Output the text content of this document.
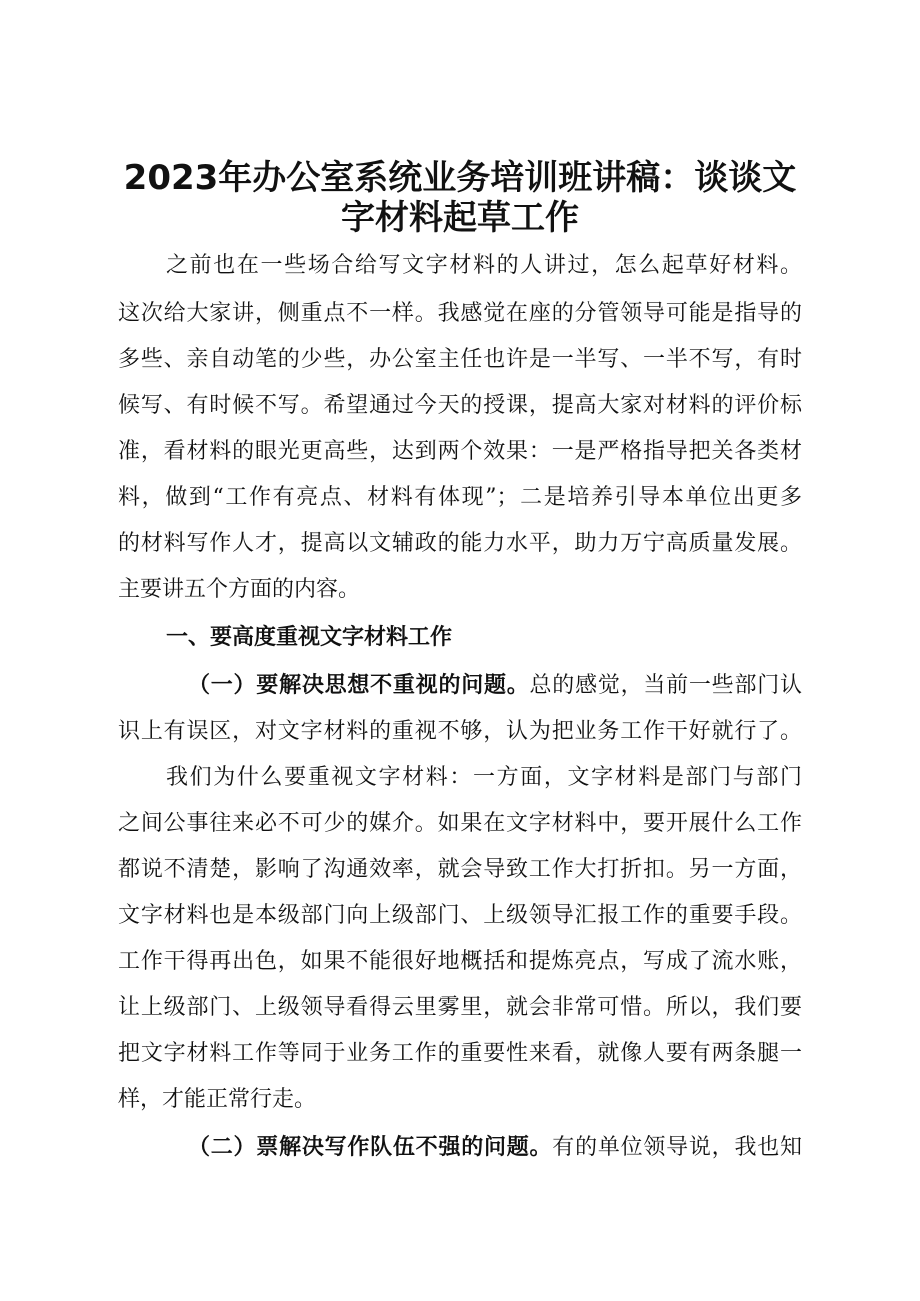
2023年办公室系统业务培训班讲稿：谈谈文
字材料起草工作
之前也在一些场合给写文字材料的人讲过，怎么起草好材料。
这次给大家讲，侧重点不一样。我感觉在座的分管领导可能是指导的
多些、亲自动笔的少些，办公室主任也许是一半写、一半不写，有时
候写、有时候不写。希望通过今天的授课，提高大家对材料的评价标
准，看材料的眼光更高些，达到两个效果：一是严格指导把关各类材
料，做到“工作有亮点、材料有体现”；二是培养引导本单位出更多
的材料写作人才，提高以文辅政的能力水平，助力万宁高质量发展。
主要讲五个方面的内容。
一、要高度重视文字材料工作
（一）要解决思想不重视的问题。总的感觉，当前一些部门认
识上有误区，对文字材料的重视不够，认为把业务工作干好就行了。
我们为什么要重视文字材料：一方面，文字材料是部门与部门
之间公事往来必不可少的媒介。如果在文字材料中，要开展什么工作
都说不清楚，影响了沟通效率，就会导致工作大打折扣。另一方面，
文字材料也是本级部门向上级部门、上级领导汇报工作的重要手段。
工作干得再出色，如果不能很好地概括和提炼亮点，写成了流水账，
让上级部门、上级领导看得云里雾里，就会非常可惜。所以，我们要
把文字材料工作等同于业务工作的重要性来看，就像人要有两条腿一
样，才能正常行走。
（二）票解决写作队伍不强的问题。有的单位领导说，我也知
